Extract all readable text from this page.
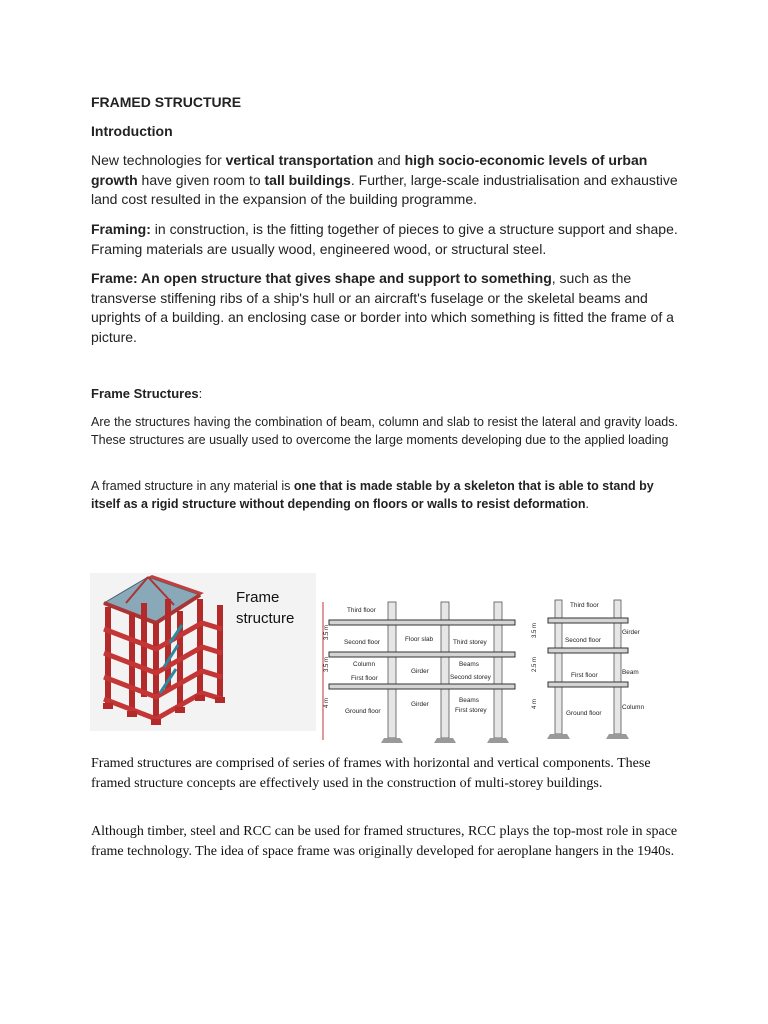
FRAMED STRUCTURE
Introduction
New technologies for vertical transportation and high socio-economic levels of urban growth have given room to tall buildings. Further, large-scale industrialisation and exhaustive land cost resulted in the expansion of the building programme.
Framing: in construction, is the fitting together of pieces to give a structure support and shape. Framing materials are usually wood, engineered wood, or structural steel.
Frame: An open structure that gives shape and support to something, such as the transverse stiffening ribs of a ship's hull or an aircraft's fuselage or the skeletal beams and uprights of a building. an enclosing case or border into which something is fitted the frame of a picture.
Frame Structures:
Are the structures having the combination of beam, column and slab to resist the lateral and gravity loads. These structures are usually used to overcome the large moments developing due to the applied loading
A framed structure in any material is one that is made stable by a skeleton that is able to stand by itself as a rigid structure without depending on floors or walls to resist deformation.
Frame
structure	Third floor
Second floor	Floor slab	Third storey
Column
Girder
Beams
First floor	Second storey
Girder
Beams
Ground floor	First storey
3.5 m
3.5 m
4 m
Third floor
Girder
Second floor
Beam
First floor
Ground floor
Column
3.5 m
2.5 m
4 m
Framed structures are comprised of series of frames with horizontal and vertical components. These framed structure concepts are effectively used in the construction of multi-storey buildings.
Although timber, steel and RCC can be used for framed structures, RCC plays the top-most role in space frame technology. The idea of space frame was originally developed for aeroplane hangers in the 1940s.
